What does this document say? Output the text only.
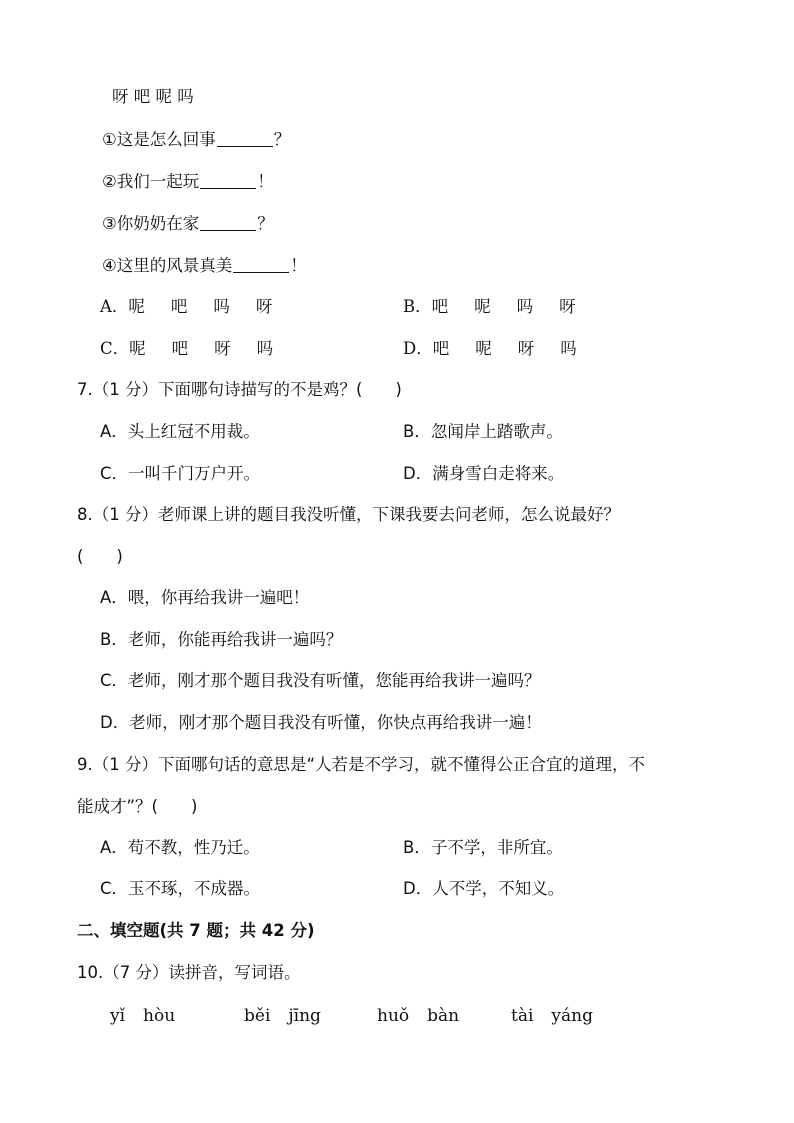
呀 吧 呢 吗
①这是怎么回事	？
②我们一起玩	！
③你奶奶在家	？
④这里的风景真美	！
A．呢 吧 吗 呀	B．吧 呢 吗 呀
C．呢 吧 呀 吗	D．吧 呢 呀 吗
7.（1 分）下面哪句诗描写的不是鸡？(　　)
A．头上红冠不用裁。	B．忽闻岸上踏歌声。
C．一叫千门万户开。	D．满身雪白走将来。
8.（1 分）老师课上讲的题目我没听懂，下课我要去问老师，怎么说最好？
(　　)
A．喂，你再给我讲一遍吧！
B．老师，你能再给我讲一遍吗？
C．老师，刚才那个题目我没有听懂，您能再给我讲一遍吗？
D．老师，刚才那个题目我没有听懂，你快点再给我讲一遍！
9.（1 分）下面哪句话的意思是“人若是不学习，就不懂得公正合宜的道理，不
能成才”？(　　)
A．苟不教，性乃迁。	B．子不学，非所宜。
C．玉不琢，不成器。	D．人不学，不知义。
二、填空题(共 7 题；共 42 分)
10.（7 分）读拼音，写词语。
yǐ hòu	běi jīng	huǒ bàn	tài yáng
